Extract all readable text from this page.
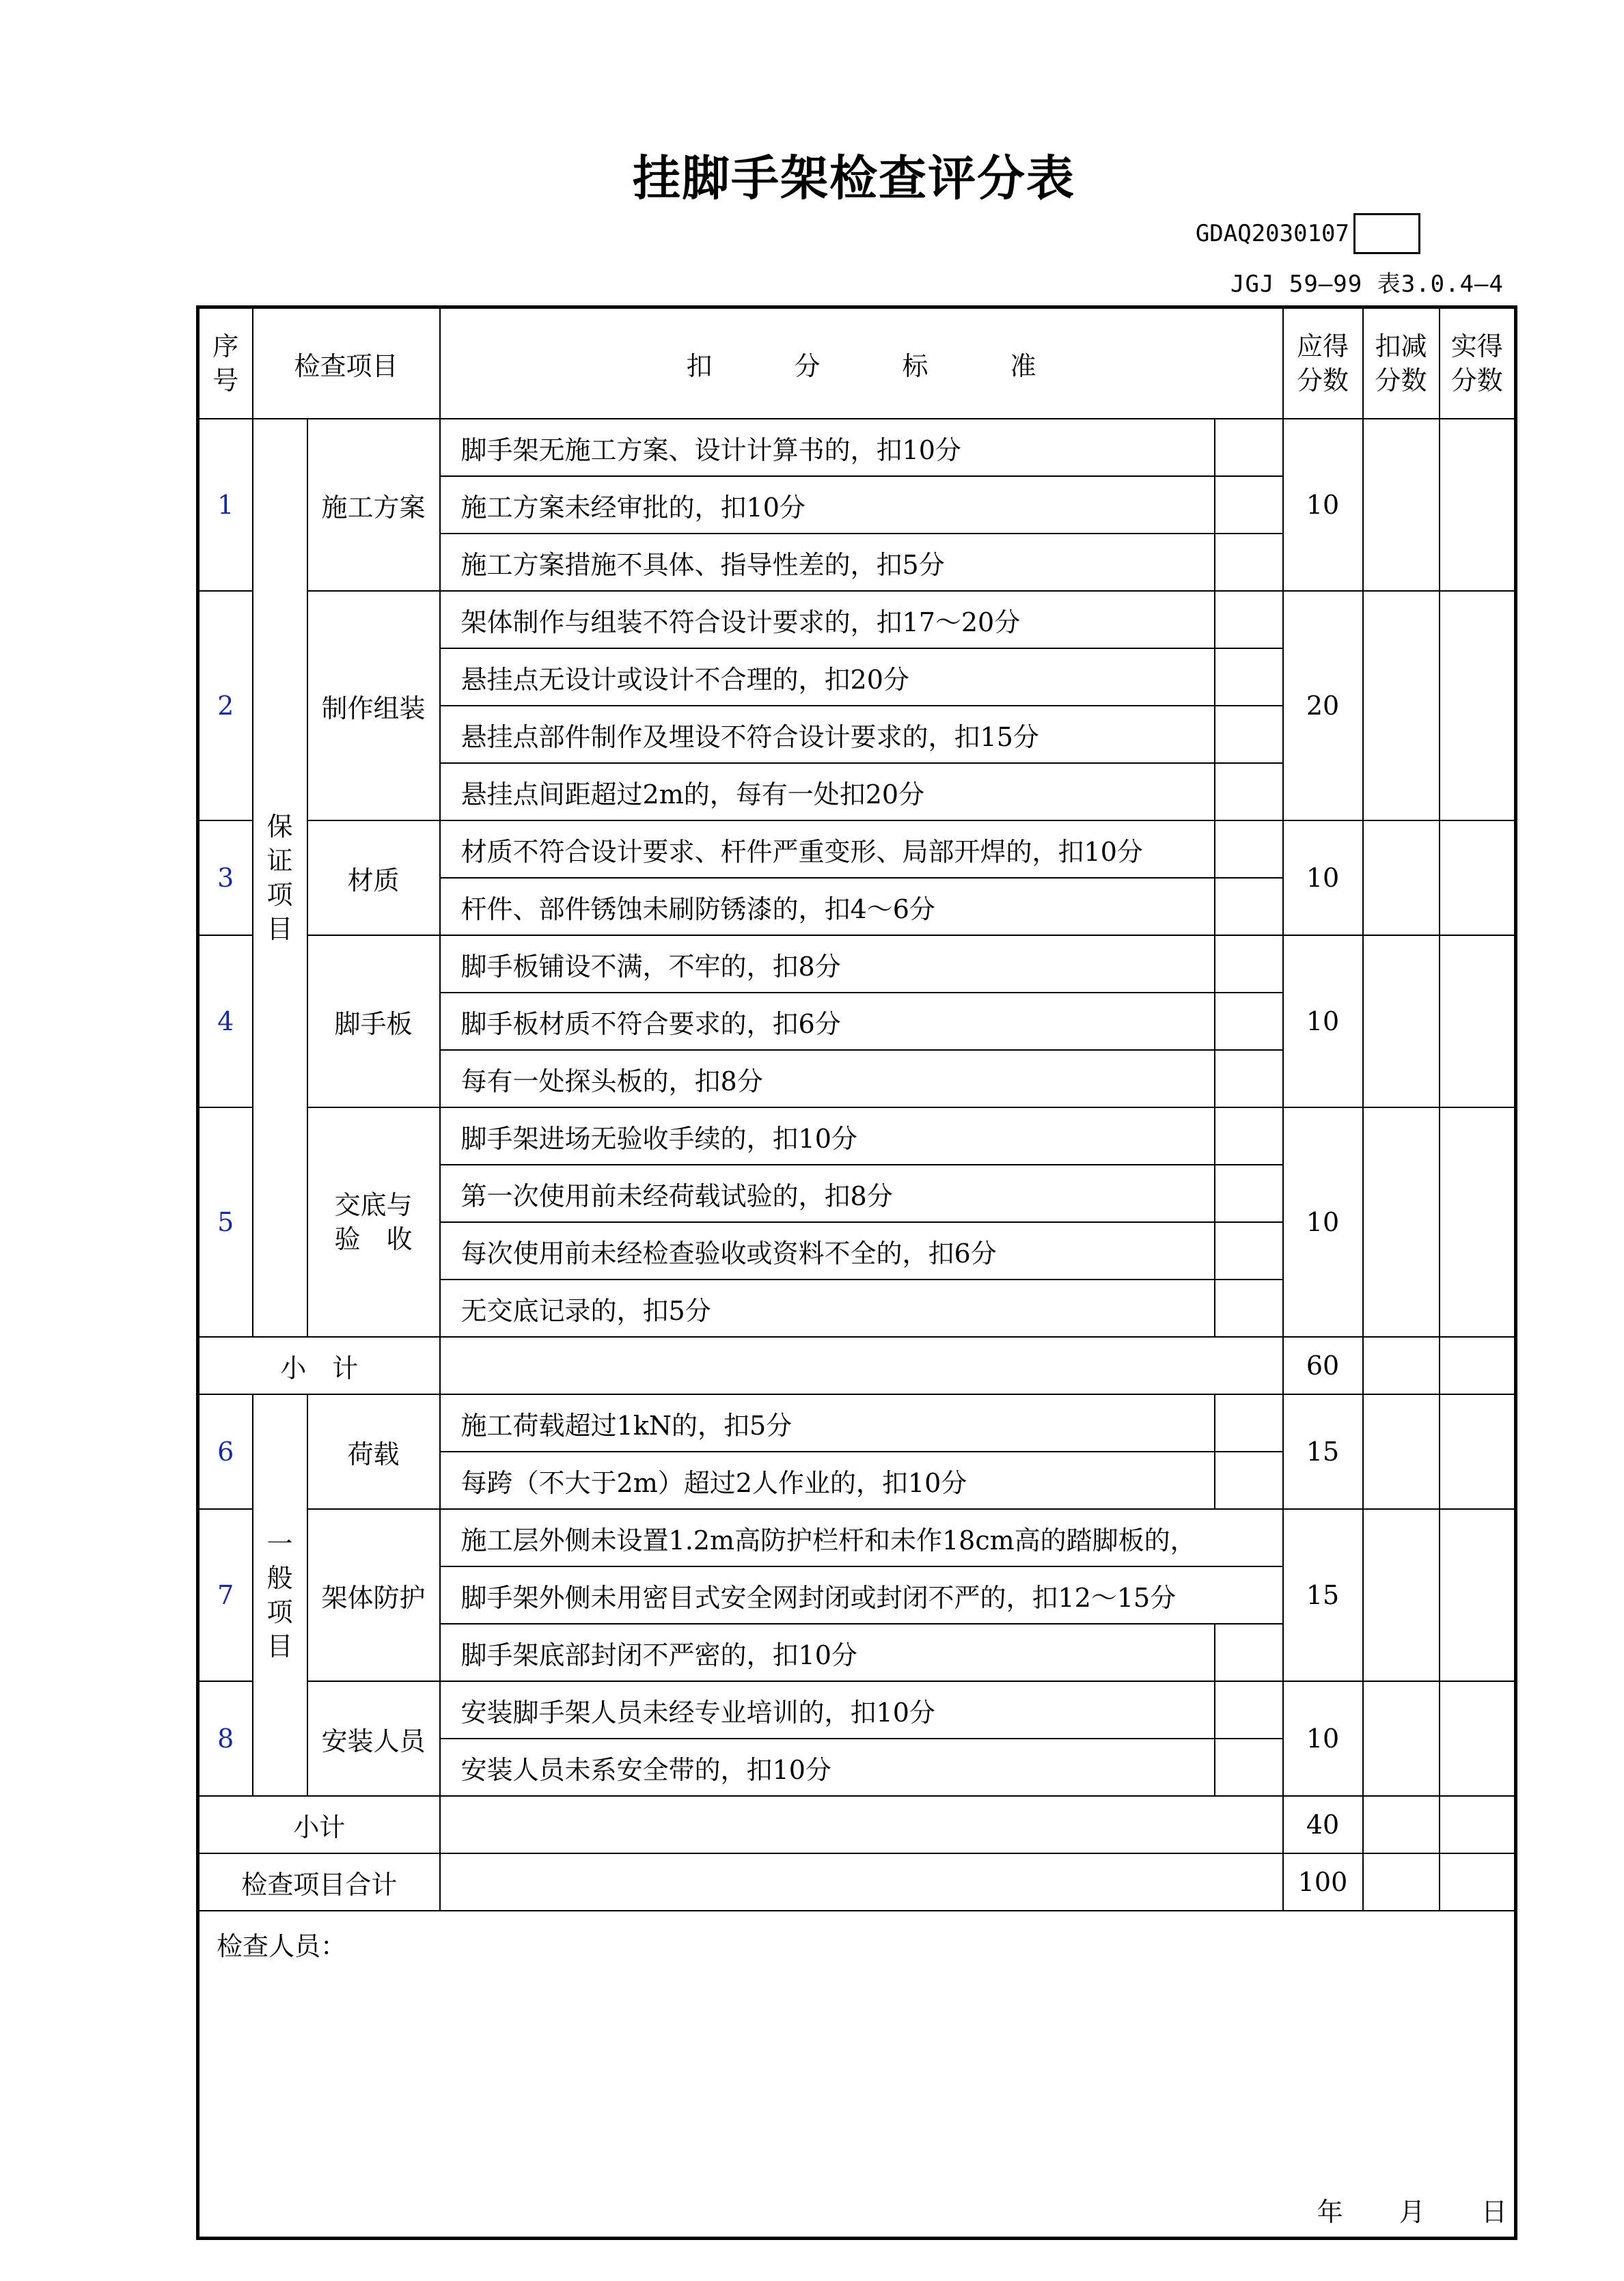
挂脚手架检查评分表
GDAQ2030107
JGJ 59—99 表3.0.4—4
序号	检查项目		扣 分 标 准		应得分数	扣减分数	实得分数
1	保证项目	施工方案	脚手架无施工方案、设计计算书的，扣10分		10		
			施工方案未经审批的，扣10分				
			施工方案措施不具体、指导性差的，扣5分				
2		制作组装	架体制作与组装不符合设计要求的，扣17～20分		20		
			悬挂点无设计或设计不合理的，扣20分				
			悬挂点部件制作及埋设不符合设计要求的，扣15分				
			悬挂点间距超过2m的，每有一处扣20分				
3		材质	材质不符合设计要求、杆件严重变形、局部开焊的，扣10分		10		
			杆件、部件锈蚀未刷防锈漆的，扣4～6分				
4		脚手板	脚手板铺设不满，不牢的，扣8分		10		
			脚手板材质不符合要求的，扣6分				
			每有一处探头板的，扣8分				
5		交底与验　收	脚手架进场无验收手续的，扣10分		10		
			第一次使用前未经荷载试验的，扣8分				
			每次使用前未经检查验收或资料不全的，扣6分				
			无交底记录的，扣5分				
小　计					60		
6	一般项目	荷载	施工荷载超过1kN的，扣5分		15		
			每跨（不大于2m）超过2人作业的，扣10分				
7		架体防护	施工层外侧未设置1.2m高防护栏杆和未作18cm高的踏脚板的，		15		
			脚手架外侧未用密目式安全网封闭或封闭不严的，扣12～15分				
			脚手架底部封闭不严密的，扣10分				
8		安装人员	安装脚手架人员未经专业培训的，扣10分		10		
			安装人员未系安全带的，扣10分				
小计					40		
检查项目合计					100		
检查人员：
年 月 日							
